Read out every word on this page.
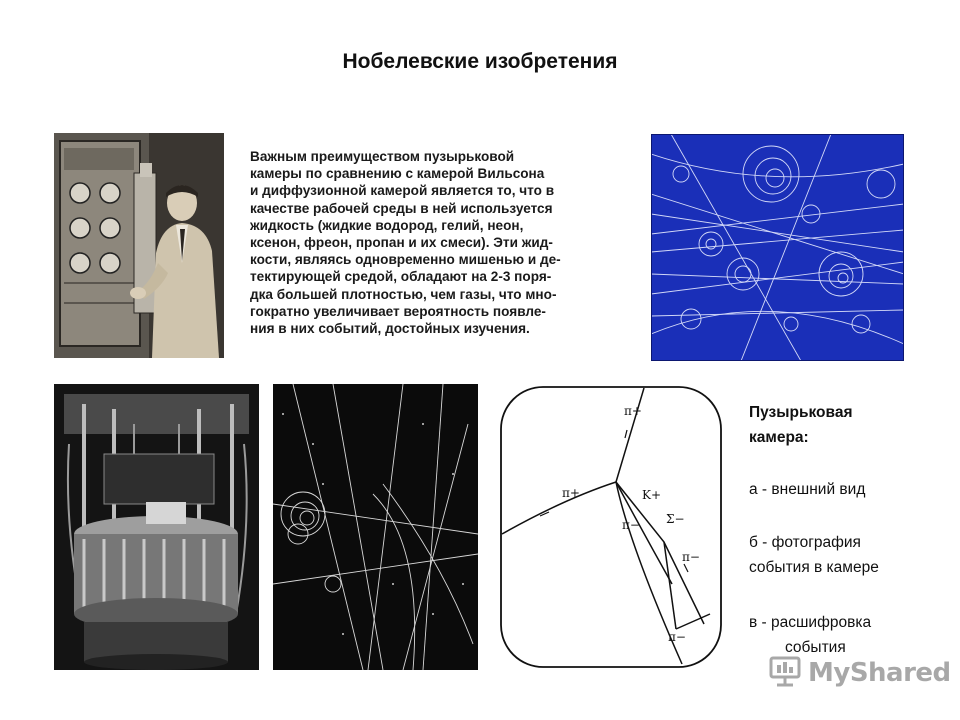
Нобелевские изобретения
Важным преимуществом пузырьковой
камеры по сравнению с камерой Вильсона
и диффузионной камерой является то, что в
качестве рабочей среды в ней используется
жидкость (жидкие водород, гелий, неон,
ксенон, фреон, пропан и их смеси). Эти жид-
кости, являясь одновременно мишенью и де-
тектирующей средой, обладают на 2-3 поря-
дка большей плотностью, чем газы, что мно-
гократно увеличивает вероятность появле-
ния в них событий, достойных изучения.
π+
π+	K+
Σ−
π−
π−
π−
Пузырьковая
камера:
а - внешний вид
б - фотография
события в камере
в - расшифровка
события
MyShared
